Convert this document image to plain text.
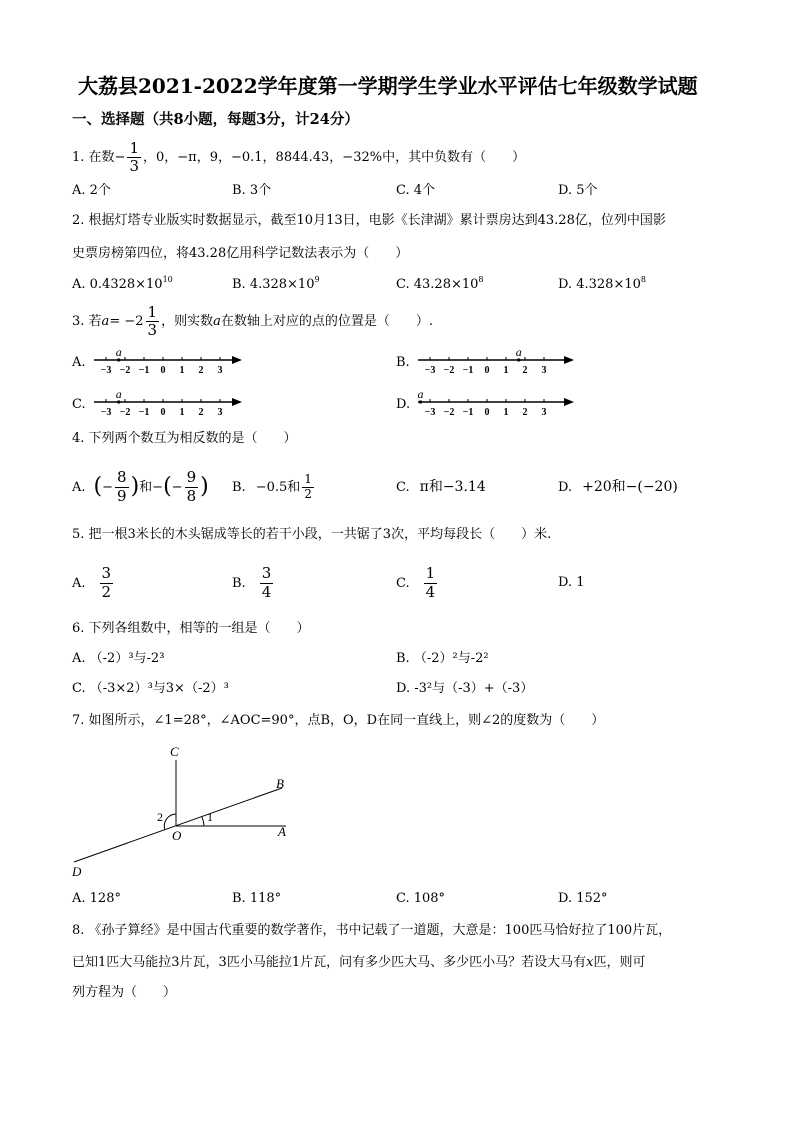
大荔县2021-2022学年度第一学期学生学业水平评估七年级数学试题
一、选择题（共8小题，每题3分，计24分）
1. 在数 − $\frac{1}{3}$ ，0，−π，9，−0.1，8844.43，−32%中，其中负数有（　　）
A. 2个	B. 3个	C. 4个	D. 5个
2. 根据灯塔专业版实时数据显示，截至10月13日，电影《长津湖》累计票房达到43.28亿，位列中国影
史票房榜第四位，将43.28亿用科学记数法表示为（　　）
A. $0.4328\times 10^{10}$	B. $4.328\times 10^9$	C. $43.28\times 10^8$	D. $4.328\times 10^8$
3. 若 $a = -2 \frac{1}{3}$ ，则实数 a 在数轴上对应的点的位置是（　　）.
A.	B.
C.	D.
−3 −2 −1 0 1 2 3
a
−3 −2 −1 0 1 2 3
a
−3 −2 −1 0 1 2 3
a
−3 −2 −1 0 1 2 3
a
4. 下列两个数互为相反数的是（　　）
A. ( − $\frac{8}{9}$ ) 和− ( − $\frac{9}{8}$ ) B. −0.5和 $\frac{1}{2}$	C. π和−3.14	D. +20和−(−20)
5. 把一根3米长的木头锯成等长的若干小段，一共锯了3次，平均每段长（　　）米.
A. $\frac{3}{2}$	B. $\frac{3}{4}$	C. $\frac{1}{4}$	D. 1
6. 下列各组数中，相等的一组是（　　）
A. （-2）³与-2³	B. （-2）²与-2²
C. （-3×2）³与3×（-2）³	D. -3²与（-3）+（-3）
7. 如图所示，∠1=28°，∠AOC=90°，点B，O，D在同一直线上，则∠2的度数为（　　）
C
B
A
O
D
1
2
A. 128°	B. 118°	C. 108°	D. 152°
8. 《孙子算经》是中国古代重要的数学著作，书中记载了一道题，大意是：100匹马恰好拉了100片瓦，
已知1匹大马能拉3片瓦，3匹小马能拉1片瓦，问有多少匹大马、多少匹小马？若设大马有x匹，则可
列方程为（　　）
